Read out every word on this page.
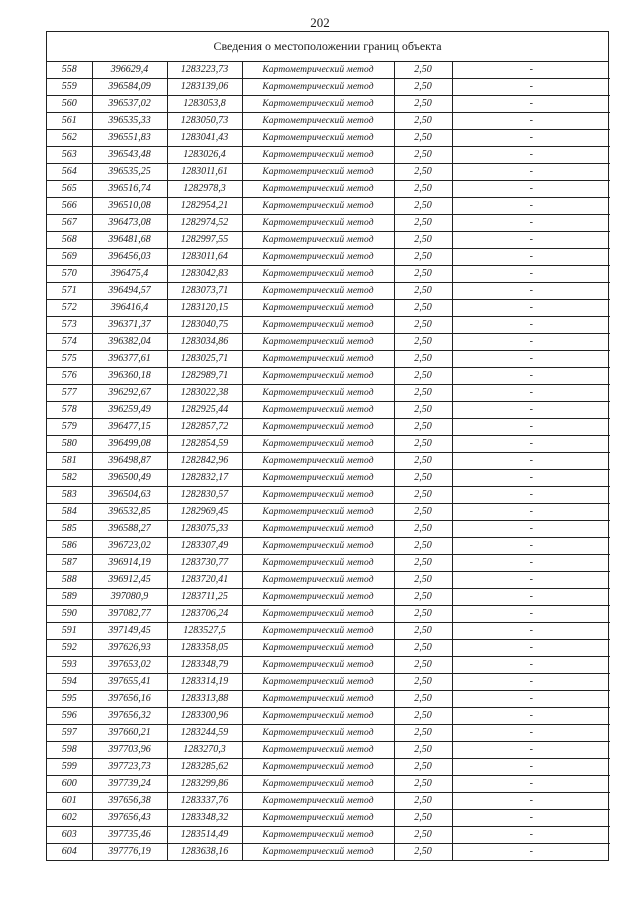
202
Сведения о местоположении границ объекта
558	396629,4	1283223,73	Картометрический метод	2,50	-
559	396584,09	1283139,06	Картометрический метод	2,50	-
560	396537,02	1283053,8	Картометрический метод	2,50	-
561	396535,33	1283050,73	Картометрический метод	2,50	-
562	396551,83	1283041,43	Картометрический метод	2,50	-
563	396543,48	1283026,4	Картометрический метод	2,50	-
564	396535,25	1283011,61	Картометрический метод	2,50	-
565	396516,74	1282978,3	Картометрический метод	2,50	-
566	396510,08	1282954,21	Картометрический метод	2,50	-
567	396473,08	1282974,52	Картометрический метод	2,50	-
568	396481,68	1282997,55	Картометрический метод	2,50	-
569	396456,03	1283011,64	Картометрический метод	2,50	-
570	396475,4	1283042,83	Картометрический метод	2,50	-
571	396494,57	1283073,71	Картометрический метод	2,50	-
572	396416,4	1283120,15	Картометрический метод	2,50	-
573	396371,37	1283040,75	Картометрический метод	2,50	-
574	396382,04	1283034,86	Картометрический метод	2,50	-
575	396377,61	1283025,71	Картометрический метод	2,50	-
576	396360,18	1282989,71	Картометрический метод	2,50	-
577	396292,67	1283022,38	Картометрический метод	2,50	-
578	396259,49	1282925,44	Картометрический метод	2,50	-
579	396477,15	1282857,72	Картометрический метод	2,50	-
580	396499,08	1282854,59	Картометрический метод	2,50	-
581	396498,87	1282842,96	Картометрический метод	2,50	-
582	396500,49	1282832,17	Картометрический метод	2,50	-
583	396504,63	1282830,57	Картометрический метод	2,50	-
584	396532,85	1282969,45	Картометрический метод	2,50	-
585	396588,27	1283075,33	Картометрический метод	2,50	-
586	396723,02	1283307,49	Картометрический метод	2,50	-
587	396914,19	1283730,77	Картометрический метод	2,50	-
588	396912,45	1283720,41	Картометрический метод	2,50	-
589	397080,9	1283711,25	Картометрический метод	2,50	-
590	397082,77	1283706,24	Картометрический метод	2,50	-
591	397149,45	1283527,5	Картометрический метод	2,50	-
592	397626,93	1283358,05	Картометрический метод	2,50	-
593	397653,02	1283348,79	Картометрический метод	2,50	-
594	397655,41	1283314,19	Картометрический метод	2,50	-
595	397656,16	1283313,88	Картометрический метод	2,50	-
596	397656,32	1283300,96	Картометрический метод	2,50	-
597	397660,21	1283244,59	Картометрический метод	2,50	-
598	397703,96	1283270,3	Картометрический метод	2,50	-
599	397723,73	1283285,62	Картометрический метод	2,50	-
600	397739,24	1283299,86	Картометрический метод	2,50	-
601	397656,38	1283337,76	Картометрический метод	2,50	-
602	397656,43	1283348,32	Картометрический метод	2,50	-
603	397735,46	1283514,49	Картометрический метод	2,50	-
604	397776,19	1283638,16	Картометрический метод	2,50	-
